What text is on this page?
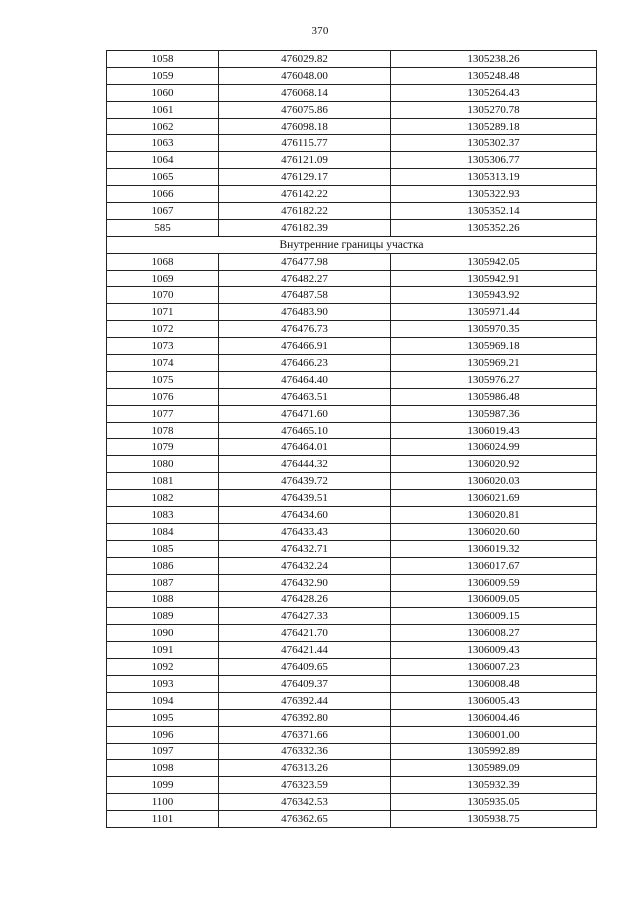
370
1058	476029.82	1305238.26
1059	476048.00	1305248.48
1060	476068.14	1305264.43
1061	476075.86	1305270.78
1062	476098.18	1305289.18
1063	476115.77	1305302.37
1064	476121.09	1305306.77
1065	476129.17	1305313.19
1066	476142.22	1305322.93
1067	476182.22	1305352.14
585	476182.39	1305352.26
Внутренние границы участка		
1068	476477.98	1305942.05
1069	476482.27	1305942.91
1070	476487.58	1305943.92
1071	476483.90	1305971.44
1072	476476.73	1305970.35
1073	476466.91	1305969.18
1074	476466.23	1305969.21
1075	476464.40	1305976.27
1076	476463.51	1305986.48
1077	476471.60	1305987.36
1078	476465.10	1306019.43
1079	476464.01	1306024.99
1080	476444.32	1306020.92
1081	476439.72	1306020.03
1082	476439.51	1306021.69
1083	476434.60	1306020.81
1084	476433.43	1306020.60
1085	476432.71	1306019.32
1086	476432.24	1306017.67
1087	476432.90	1306009.59
1088	476428.26	1306009.05
1089	476427.33	1306009.15
1090	476421.70	1306008.27
1091	476421.44	1306009.43
1092	476409.65	1306007.23
1093	476409.37	1306008.48
1094	476392.44	1306005.43
1095	476392.80	1306004.46
1096	476371.66	1306001.00
1097	476332.36	1305992.89
1098	476313.26	1305989.09
1099	476323.59	1305932.39
1100	476342.53	1305935.05
1101	476362.65	1305938.75
